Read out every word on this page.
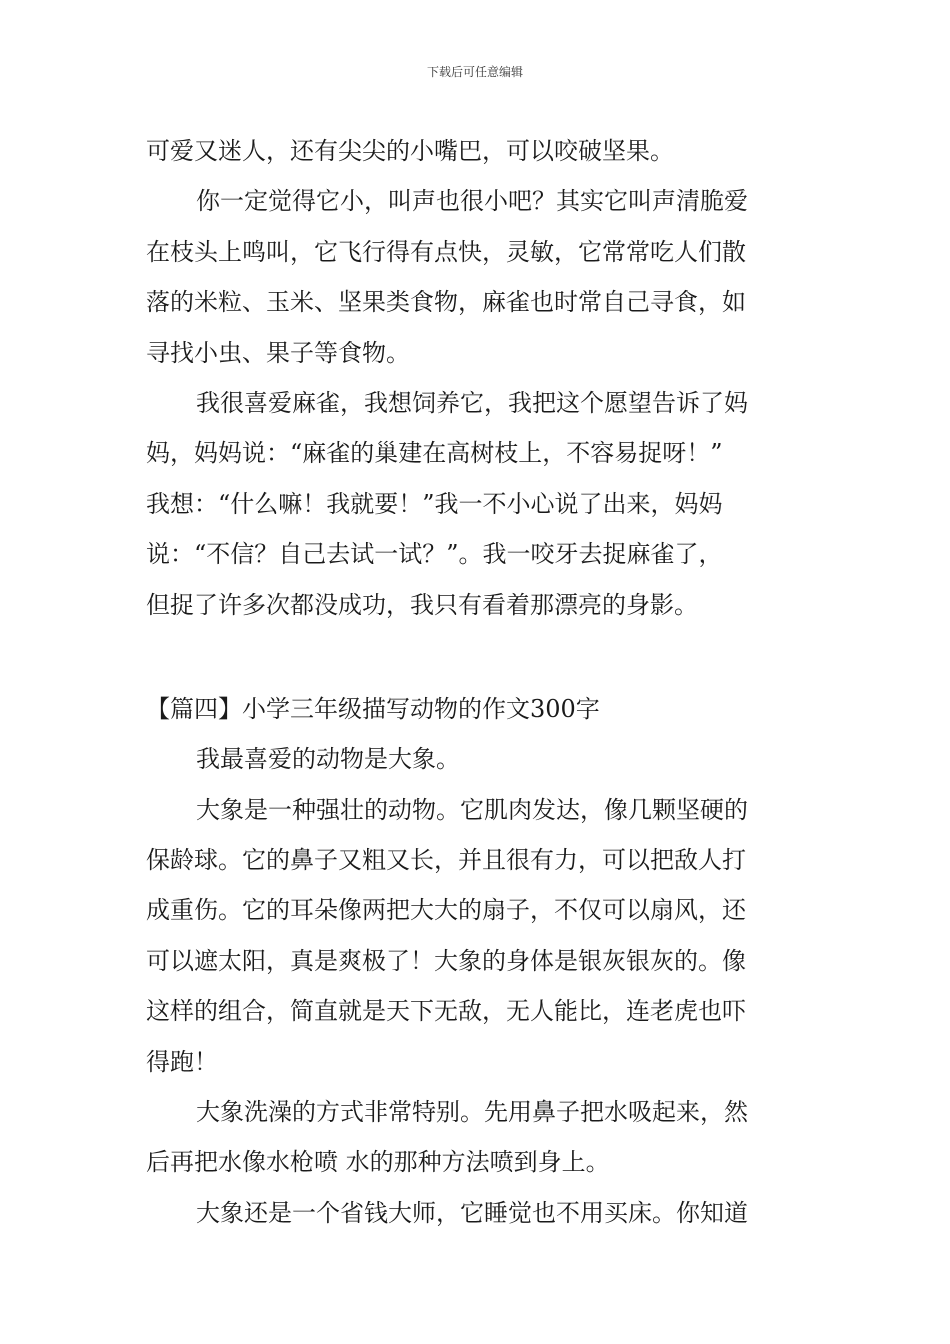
下载后可任意编辑
可爱又迷人，还有尖尖的小嘴巴，可以咬破坚果。
你一定觉得它小，叫声也很小吧？其实它叫声清脆爱
在枝头上鸣叫，它飞行得有点快，灵敏，它常常吃人们散
落的米粒、玉米、坚果类食物，麻雀也时常自己寻食，如
寻找小虫、果子等食物。
我很喜爱麻雀，我想饲养它，我把这个愿望告诉了妈
妈，妈妈说：“麻雀的巢建在高树枝上，不容易捉呀！”
我想：“什么嘛！我就要！”我一不小心说了出来，妈妈
说：“不信？自己去试一试？”。我一咬牙去捉麻雀了，
但捉了许多次都没成功，我只有看着那漂亮的身影。
【篇四】小学三年级描写动物的作文300字
我最喜爱的动物是大象。
大象是一种强壮的动物。它肌肉发达，像几颗坚硬的
保龄球。它的鼻子又粗又长，并且很有力，可以把敌人打
成重伤。它的耳朵像两把大大的扇子，不仅可以扇风，还
可以遮太阳，真是爽极了！大象的身体是银灰银灰的。像
这样的组合，简直就是天下无敌，无人能比，连老虎也吓
得跑！
大象洗澡的方式非常特别。先用鼻子把水吸起来，然
后再把水像水枪喷 水的那种方法喷到身上。
大象还是一个省钱大师，它睡觉也不用买床。你知道
